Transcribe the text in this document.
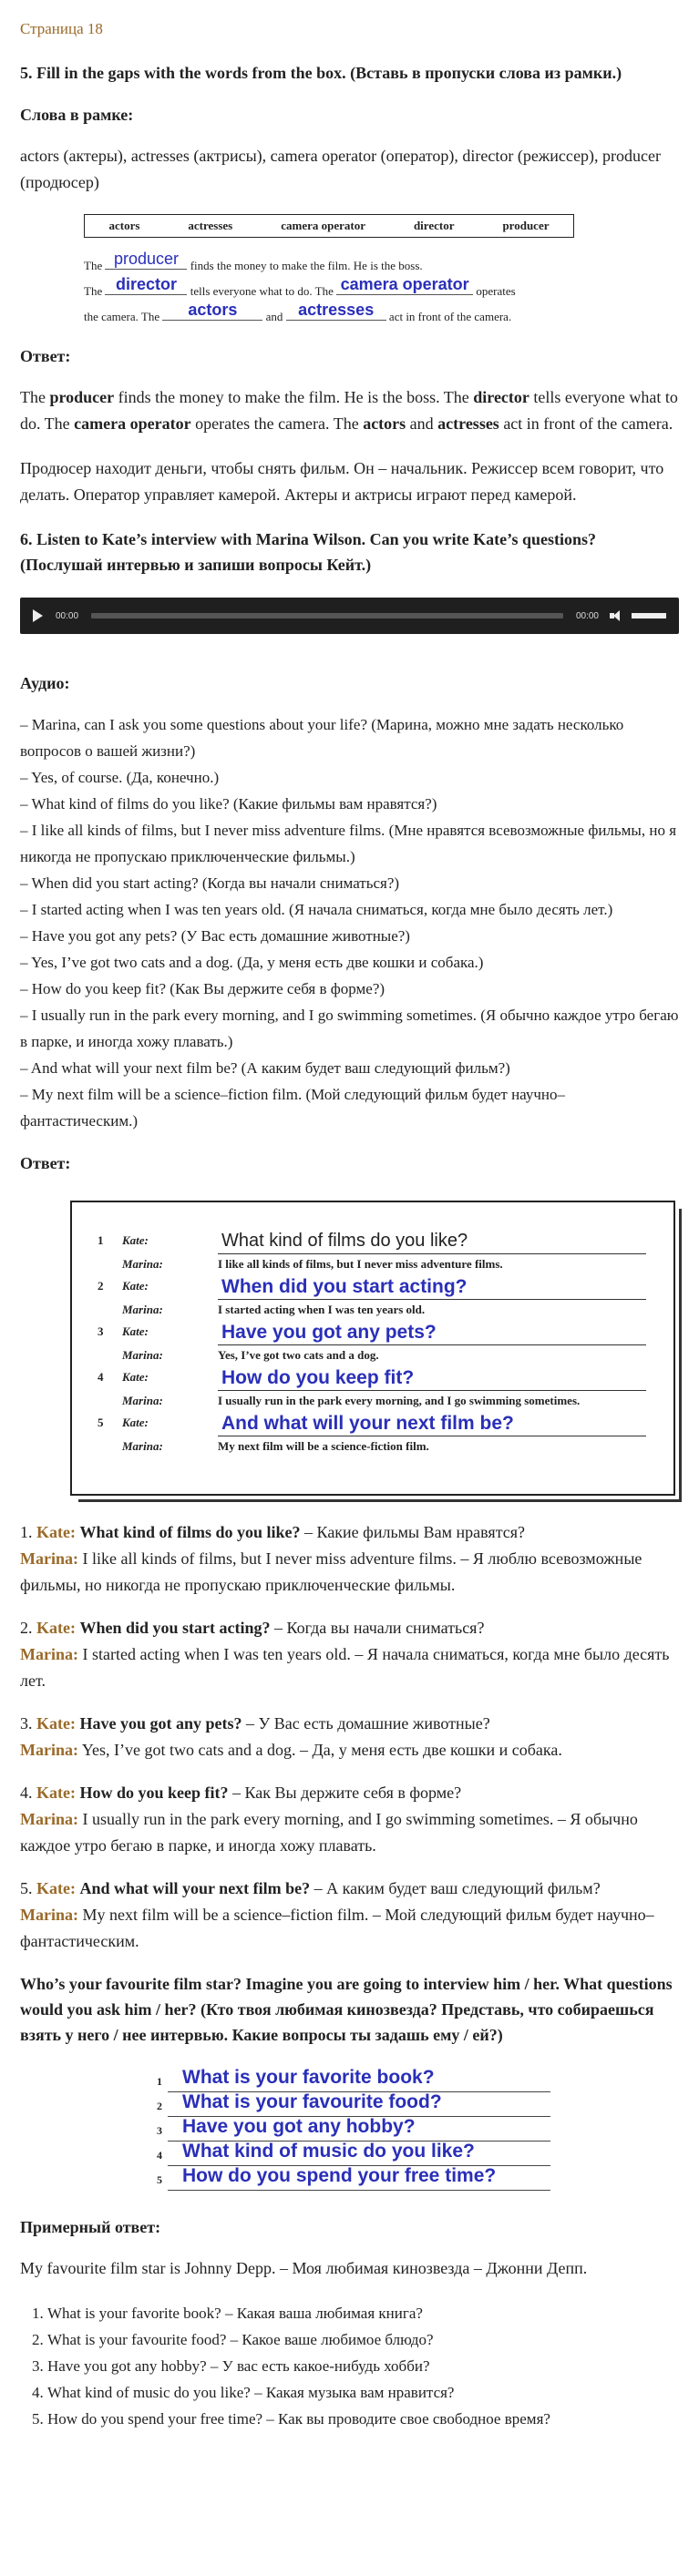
Страница 18
5. Fill in the gaps with the words from the box. (Вставь в пропуски слова из рамки.)
Слова в рамке:

actors (актеры), actresses (актрисы), camera operator (оператор), director (режиссер), producer (продюсер)

actors	actresses	camera operator	director	producer
The producer finds the money to make the film. He is the boss.
The director tells everyone what to do. The camera operator operates
the camera. The actors and actresses act in front of the camera.
Ответ:

The producer finds the money to make the film. He is the boss. The director tells everyone what to do. The camera operator operates the camera. The actors and actresses act in front of the camera.

Продюсер находит деньги, чтобы снять фильм. Он – начальник. Режиссер всем говорит, что делать. Оператор управляет камерой. Актеры и актрисы играют перед камерой.

6. Listen to Kate’s interview with Marina Wilson. Can you write Kate’s questions? (Послушай интервью и запиши вопросы Кейт.)
00:00	00:00
Аудио:
– Marina, can I ask you some questions about your life? (Марина, можно мне задать несколько вопросов о вашей жизни?)
– Yes, of course. (Да, конечно.)
– What kind of films do you like? (Какие фильмы вам нравятся?)
– I like all kinds of films, but I never miss adventure films. (Мне нравятся всевозможные фильмы, но я никогда не пропускаю приключенческие фильмы.)
– When did you start acting? (Когда вы начали сниматься?)
– I started acting when I was ten years old. (Я начала сниматься, когда мне было десять лет.)
– Have you got any pets? (У Вас есть домашние животные?)
– Yes, I’ve got two cats and a dog. (Да, у меня есть две кошки и собака.)
– How do you keep fit? (Как Вы держите себя в форме?)
– I usually run in the park every morning, and I go swimming sometimes. (Я обычно каждое утро бегаю в парке, и иногда хожу плавать.)
– And what will your next film be? (А каким будет ваш следующий фильм?)
– My next film will be a science–fiction film. (Мой следующий фильм будет научно–фантастическим.)
Ответ:
1 Kate:	What kind of films do you like?
Marina:	I like all kinds of films, but I never miss adventure films.
2 Kate:	When did you start acting?
Marina:	I started acting when I was ten years old.
3 Kate:	Have you got any pets?
Marina:	Yes, I’ve got two cats and a dog.
4 Kate:	How do you keep fit?
Marina:	I usually run in the park every morning, and I go swimming sometimes.
5 Kate:	And what will your next film be?
Marina:	My next film will be a science-fiction film.
1. Kate: What kind of films do you like? – Какие фильмы Вам нравятся?
Marina: I like all kinds of films, but I never miss adventure films. – Я люблю всевозможные фильмы, но никогда не пропускаю приключенческие фильмы.
2. Kate: When did you start acting? – Когда вы начали сниматься?
Marina: I started acting when I was ten years old. – Я начала сниматься, когда мне было десять лет.
3. Kate: Have you got any pets? – У Вас есть домашние животные?
Marina: Yes, I’ve got two cats and a dog. – Да, у меня есть две кошки и собака.
4. Kate: How do you keep fit? – Как Вы держите себя в форме?
Marina: I usually run in the park every morning, and I go swimming sometimes. – Я обычно каждое утро бегаю в парке, и иногда хожу плавать.
5. Kate: And what will your next film be? – А каким будет ваш следующий фильм?
Marina: My next film will be a science–fiction film. – Мой следующий фильм будет научно–фантастическим.
Who’s your favourite film star? Imagine you are going to interview him / her. What questions would you ask him / her? (Кто твоя любимая кинозвезда? Представь, что собираешься взять у него / нее интервью. Какие вопросы ты задашь ему / ей?)
1 What is your favorite book?
2 What is your favourite food?
3 Have you got any hobby?
4 What kind of music do you like?
5 How do you spend your free time?
Примерный ответ:

My favourite film star is Johnny Depp. – Моя любимая кинозвезда – Джонни Депп.

1. What is your favorite book? – Какая ваша любимая книга?
2. What is your favourite food? – Какое ваше любимое блюдо?
3. Have you got any hobby? – У вас есть какое-нибудь хобби?
4. What kind of music do you like? – Какая музыка вам нравится?
5. How do you spend your free time? – Как вы проводите свое свободное время?
